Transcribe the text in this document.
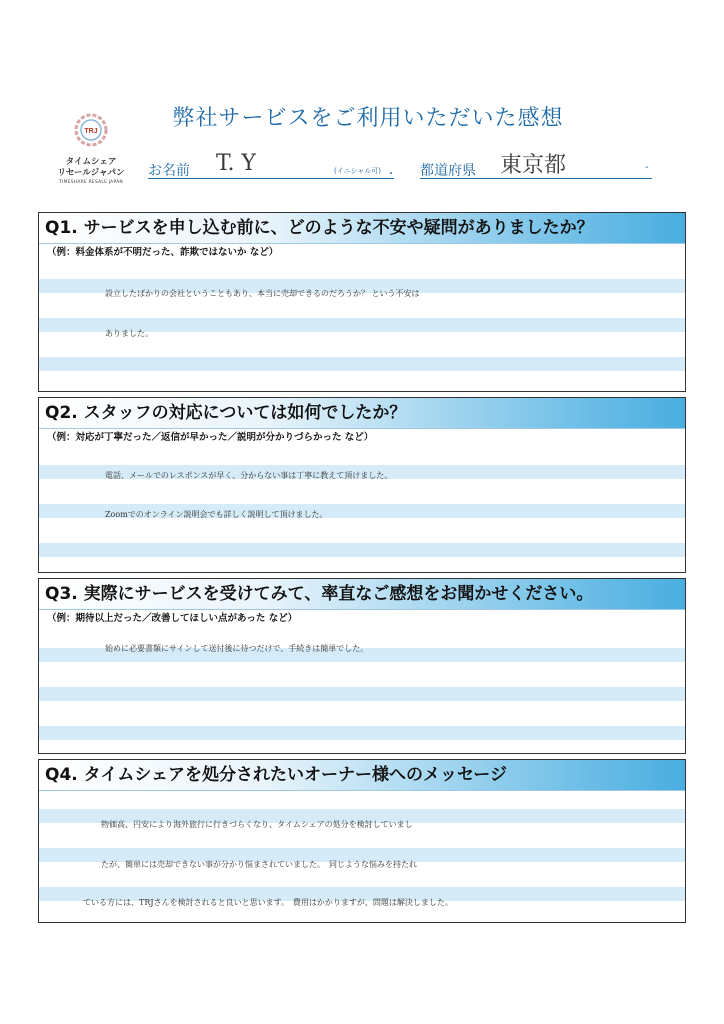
TRJ
タイムシェア
リセールジャパン
TIMESHARE RESALE JAPAN
弊社サービスをご利用いただいた感想
お名前 T. Y	(イニシャル可) ・ 都道府県 東京都	-
Q1. サービスを申し込む前に、どのような不安や疑問がありましたか？
（例：料金体系が不明だった、詐欺ではないか など）
設立したばかりの会社ということもあり、本当に売却できるのだろうか？ という不安は
ありました。
Q2. スタッフの対応については如何でしたか？
（例：対応が丁寧だった／返信が早かった／説明が分かりづらかった など）
電話、メールでのレスポンスが早く、分からない事は丁寧に教えて頂けました。
Zoomでのオンライン説明会でも詳しく説明して頂けました。
Q3. 実際にサービスを受けてみて、率直なご感想をお聞かせください。
（例：期待以上だった／改善してほしい点があった など）
始めに必要書類にサインして送付後に待つだけで、手続きは簡単でした。
Q4. タイムシェアを処分されたいオーナー様へのメッセージ
物価高、円安により海外旅行に行きづらくなり、タイムシェアの処分を検討していまし
たが、簡単には売却できない事が分かり悩まされていました。　同じような悩みを持たれ
ている方には、TRJさんを検討されると良いと思います。　費用はかかりますが、問題は解決しました。
